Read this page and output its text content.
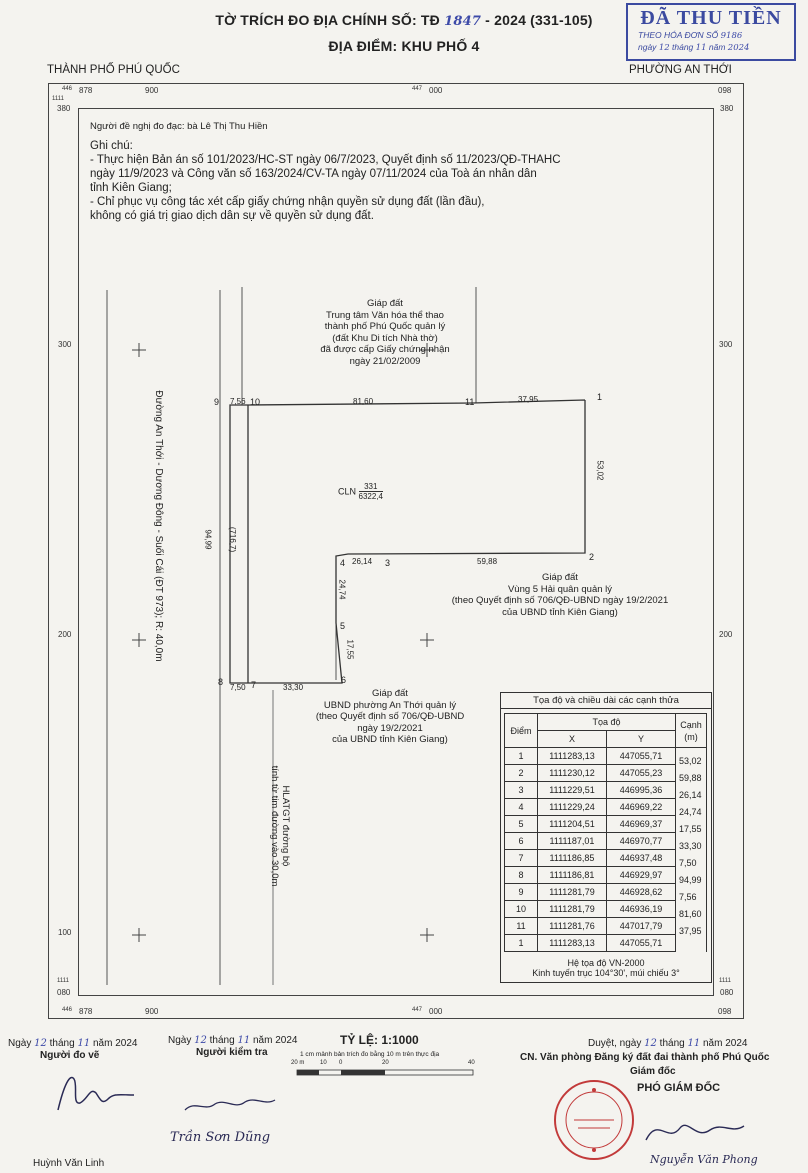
TỜ TRÍCH ĐO ĐỊA CHÍNH SỐ: TĐ 1847 - 2024 (331-105)
ĐỊA ĐIỂM: KHU PHỐ 4
THÀNH PHỐ PHÚ QUỐC	PHƯỜNG AN THỚI
ĐÃ THU TIỀN
THEO HÓA ĐƠN SỐ 9186
ngày 12 tháng 11 năm 2024
446 878	900	447 000	098
1111
380	380
300	300
200	200
100
1111
1111
080	080
446 878	900	447 000	098
Người đề nghị đo đạc: bà Lê Thị Thu Hiền
Ghi chú:
- Thực hiện Bản án số 101/2023/HC-ST ngày 06/7/2023, Quyết định số 11/2023/QĐ-THAHC
ngày 11/9/2023 và Công văn số 163/2024/CV-TA ngày 07/11/2024 của Toà án nhân dân
tỉnh Kiên Giang;
- Chỉ phục vụ công tác xét cấp giấy chứng nhận quyền sử dụng đất (lần đầu),
không có giá trị giao dịch dân sự về quyền sử dụng đất.
1
2
3
4
5
6
7
8
9	10	11
53,02
59,88
26,14
24,74
17,55
33,30
7,50
7,56	81,60	37,95
CLN $\frac{331}{6322,4}$
Giáp đất
Trung tâm Văn hóa thể thao
thành phố Phú Quốc quản lý
(đất Khu Di tích Nhà thờ)
đã được cấp Giấy chứng nhận
ngày 21/02/2009
Giáp đất
Vùng 5 Hải quân quản lý
(theo Quyết định số 706/QĐ-UBND ngày 19/2/2021
của UBND tỉnh Kiên Giang)
Giáp đất
UBND phường An Thới quản lý
(theo Quyết định số 706/QĐ-UBND
ngày 19/2/2021
của UBND tỉnh Kiên Giang)
Đường An Thới - Dương Đông - Suối Cái (ĐT 973); R: 40,0m	94,99 (716,7)
HLATGT đường bộ
tính từ tim đường vào 30,0m
Tọa độ và chiều dài các cạnh thửa
Điểm	Tọa độ		Cạnh
(m)
	X	Y	
1	1111283,13	447055,71	53,02

2	1111230,12	447055,23	59,88

3	1111229,51	446995,36	26,14

4	1111229,24	446969,22	24,74

5	1111204,51	446969,37	17,55

6	1111187,01	446970,77	33,30

7	1111186,85	446937,48	7,50

8	1111186,81	446929,97	94,99

9	1111281,79	446928,62	7,56

10	1111281,79	446936,19	81,60

11	1111281,76	447017,79	37,95

1	1111283,13	447055,71	
Hệ tọa độ VN-2000
Kinh tuyến trục 104°30', múi chiếu 3°
Ngày 12 tháng 11 năm 2024
Người đo vẽ
Huỳnh Văn Linh
Ngày 12 tháng 11 năm 2024
Người kiểm tra
Trần Sơn Dũng
TỶ LỆ: 1:1000
1 cm mảnh bản trích đo bằng 10 m trên thực địa
20 m	10 0	20	40
Duyệt, ngày 12 tháng 11 năm 2024
CN. Văn phòng Đăng ký đất đai thành phố Phú Quốc
Giám đốc
PHÓ GIÁM ĐỐC
Nguyễn Văn Phong
